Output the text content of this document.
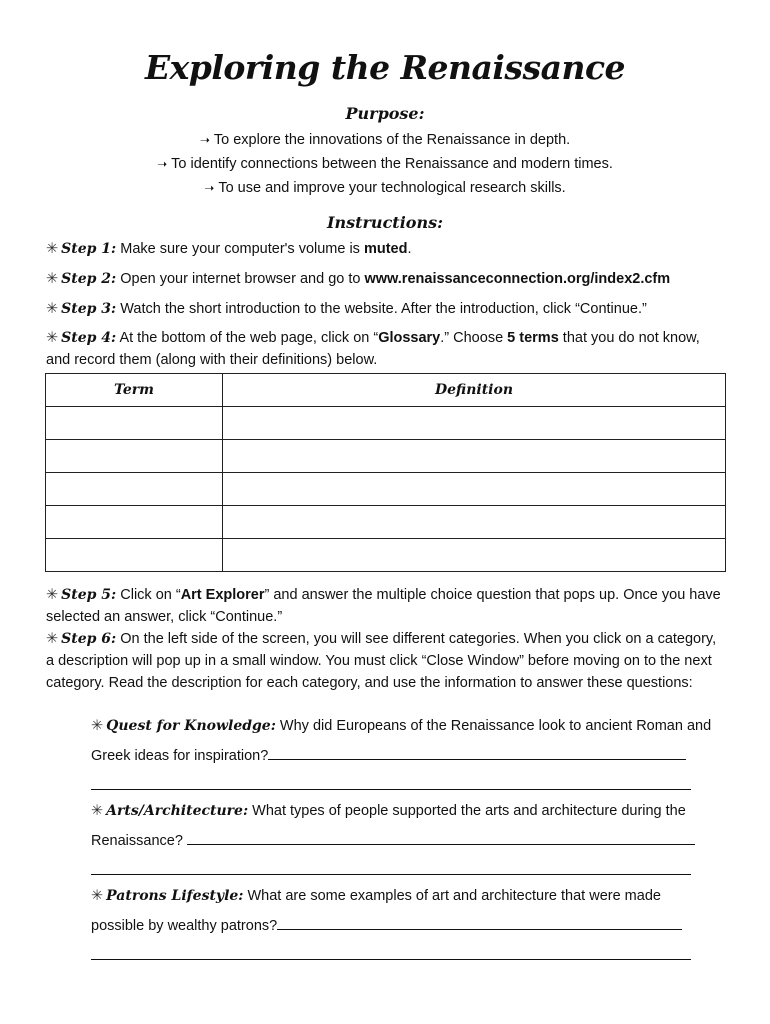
Exploring the Renaissance
Purpose:
➝ To explore the innovations of the Renaissance in depth.
➝ To identify connections between the Renaissance and modern times.
➝ To use and improve your technological research skills.
Instructions:
✳ Step 1: Make sure your computer's volume is muted.
✳ Step 2: Open your internet browser and go to www.renaissanceconnection.org/index2.cfm
✳ Step 3: Watch the short introduction to the website. After the introduction, click “Continue.”
✳ Step 4: At the bottom of the web page, click on “Glossary.” Choose 5 terms that you do not know, and record them (along with their definitions) below.
Term	Definition

✳ Step 5: Click on “Art Explorer” and answer the multiple choice question that pops up. Once you have selected an answer, click “Continue.”
✳ Step 6: On the left side of the screen, you will see different categories. When you click on a category, a description will pop up in a small window. You must click “Close Window” before moving on to the next category. Read the description for each category, and use the information to answer these questions:
✳ Quest for Knowledge: Why did Europeans of the Renaissance look to ancient Roman and
Greek ideas for inspiration?
✳ Arts/Architecture: What types of people supported the arts and architecture during the
Renaissance?
✳ Patrons Lifestyle: What are some examples of art and architecture that were made
possible by wealthy patrons?
